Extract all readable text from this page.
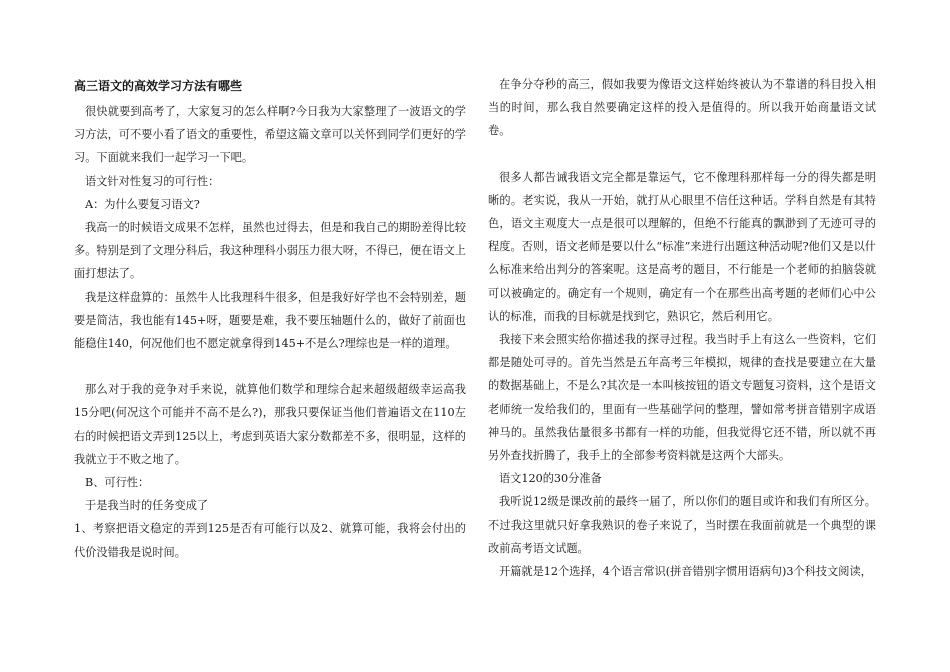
高三语文的高效学习方法有哪些

很快就要到高考了，大家复习的怎么样啊?今日我为大家整理了一波语文的学习方法，可不要小看了语文的重要性，希望这篇文章可以关怀到同学们更好的学习。下面就来我们一起学习一下吧。

语文针对性复习的可行性：

A：为什么要复习语文?

我高一的时候语文成果不怎样，虽然也过得去，但是和我自己的期盼差得比较多。特别是到了文理分科后，我这种理科小弱压力很大呀，不得已，便在语文上面打想法了。

我是这样盘算的：虽然牛人比我理科牛很多，但是我好好学也不会特别差，题要是简洁，我也能有145+呀，题要是难，我不要压轴题什么的，做好了前面也能稳住140，何况他们也不愿定就拿得到145+不是么?理综也是一样的道理。

那么对于我的竞争对手来说，就算他们数学和理综合起来超级超级幸运高我15分吧(何况这个可能并不高不是么?)，那我只要保证当他们普遍语文在110左右的时候把语文弄到125以上，考虑到英语大家分数都差不多，很明显，这样的我就立于不败之地了。

B、可行性：

于是我当时的任务变成了

1、考察把语文稳定的弄到125是否有可能行以及2、就算可能，我将会付出的代价没错我是说时间。

在争分夺秒的高三，假如我要为像语文这样始终被认为不靠谱的科目投入相当的时间，那么我自然要确定这样的投入是值得的。所以我开始商量语文试卷。

很多人都告诫我语文完全都是靠运气，它不像理科那样每一分的得失都是明晰的。老实说，我从一开始，就打从心眼里不信任这种话。学科自然是有其特色，语文主观度大一点是很可以理解的，但绝不行能真的飘渺到了无迹可寻的程度。否则，语文老师是要以什么“标准”来进行出题这种活动呢?他们又是以什么标准来给出判分的答案呢。这是高考的题目，不行能是一个老师的拍脑袋就可以被确定的。确定有一个规则，确定有一个在那些出高考题的老师们心中公认的标准，而我的目标就是找到它，熟识它，然后利用它。

我接下来会照实给你描述我的探寻过程。我当时手上有这么一些资料，它们都是随处可寻的。首先当然是五年高考三年模拟，规律的查找是要建立在大量的数据基础上，不是么?其次是一本叫核按钮的语文专题复习资料，这个是语文老师统一发给我们的，里面有一些基础学问的整理，譬如常考拼音错别字成语神马的。虽然我估量很多书都有一样的功能，但我觉得它还不错，所以就不再另外查找折腾了，我手上的全部参考资料就是这两个大部头。

语文120的30分准备

我听说12级是课改前的最终一届了，所以你们的题目或许和我们有所区分。不过我这里就只好拿我熟识的卷子来说了，当时摆在我面前就是一个典型的课改前高考语文试题。

开篇就是12个选择，4个语言常识(拼音错别字惯用语病句)3个科技文阅读，
